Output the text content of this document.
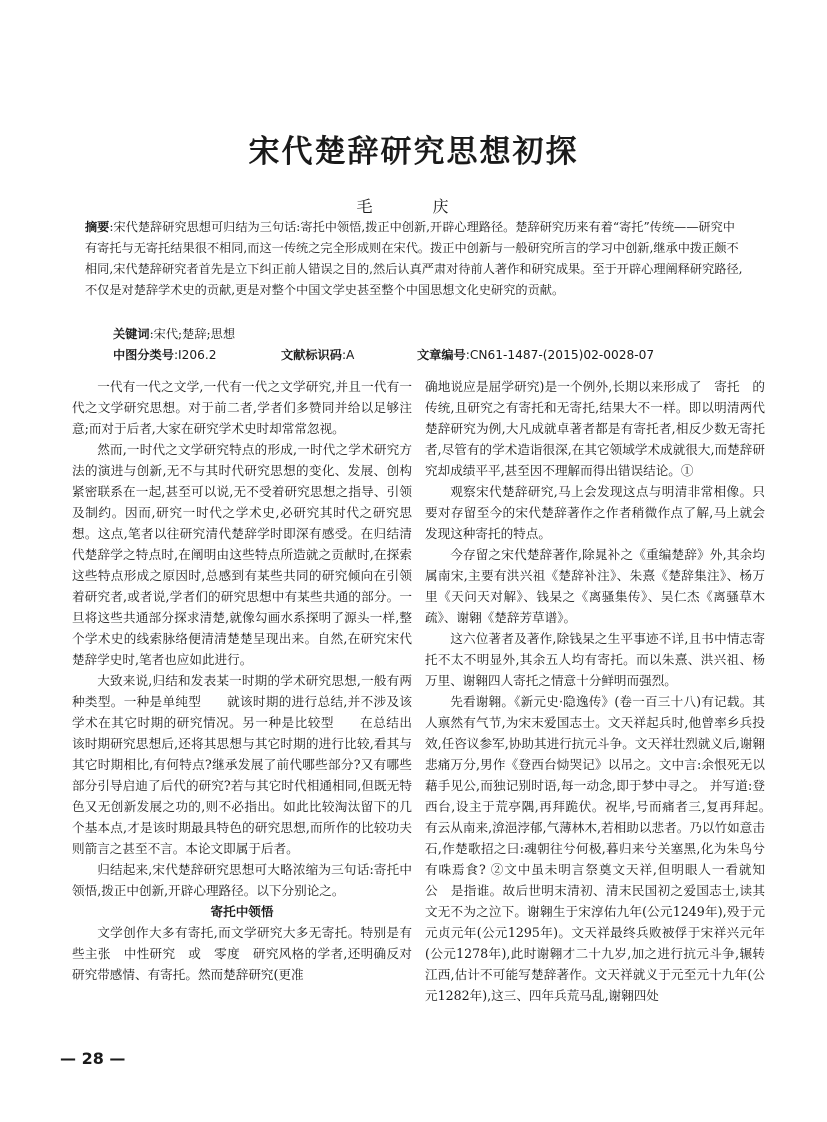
宋代楚辞研究思想初探
毛　庆
摘要:宋代楚辞研究思想可归结为三句话:寄托中领悟,拨正中创新,开辟心理路径。楚辞研究历来有着“寄托”传统——研究中有寄托与无寄托结果很不相同,而这一传统之完全形成则在宋代。拨正中创新与一般研究所言的学习中创新,继承中拨正颇不相同,宋代楚辞研究者首先是立下纠正前人错误之目的,然后认真严肃对待前人著作和研究成果。至于开辟心理阐释研究路径,不仅是对楚辞学术史的贡献,更是对整个中国文学史甚至整个中国思想文化史研究的贡献。
关键词:宋代;楚辞;思想
中图分类号:I206.2	文献标识码:A	文章编号:CN61-1487-(2015)02-0028-07

一代有一代之文学,一代有一代之文学研究,并且一代有一代之文学研究思想。对于前二者,学者们多赞同并给以足够注意;而对于后者,大家在研究学术史时却常常忽视。

然而,一时代之文学研究特点的形成,一时代之学术研究方法的演进与创新,无不与其时代研究思想的变化、发展、创构紧密联系在一起,甚至可以说,无不受着研究思想之指导、引领及制约。因而,研究一时代之学术史,必研究其时代之研究思想。这点,笔者以往研究清代楚辞学时即深有感受。在归结清代楚辞学之特点时,在阐明由这些特点所造就之贡献时,在探索这些特点形成之原因时,总感到有某些共同的研究倾向在引领着研究者,或者说,学者们的研究思想中有某些共通的部分。一旦将这些共通部分探求清楚,就像勾画水系探明了源头一样,整个学术史的线索脉络便清清楚楚呈现出来。自然,在研究宋代楚辞学史时,笔者也应如此进行。

大致来说,归结和发表某一时期的学术研究思想,一般有两种类型。一种是单纯型　　就该时期的进行总结,并不涉及该学术在其它时期的研究情况。另一种是比较型　　在总结出该时期研究思想后,还将其思想与其它时期的进行比较,看其与其它时期相比,有何特点?继承发展了前代哪些部分?又有哪些部分引导启迪了后代的研究?若与其它时代相通相同,但既无特色又无创新发展之功的,则不必指出。如此比较淘汰留下的几个基本点,才是该时期最具特色的研究思想,而所作的比较功夫则箭言之甚至不言。本论文即属于后者。

归结起来,宋代楚辞研究思想可大略浓缩为三句话:寄托中领悟,拨正中创新,开辟心理路径。以下分别论之。

寄托中领悟

文学创作大多有寄托,而文学研究大多无寄托。特别是有些主张　中性研究　或　零度　研究风格的学者,还明确反对研究带感情、有寄托。然而楚辞研究(更准

确地说应是屈学研究)是一个例外,长期以来形成了　寄托　的传统,且研究之有寄托和无寄托,结果大不一样。即以明清两代楚辞研究为例,大凡成就卓著者都是有寄托者,相反少数无寄托者,尽管有的学术造诣很深,在其它领域学术成就很大,而楚辞研究却成绩平平,甚至因不理解而得出错误结论。①

观察宋代楚辞研究,马上会发现这点与明清非常相像。只要对存留至今的宋代楚辞著作之作者稍微作点了解,马上就会发现这种寄托的特点。

今存留之宋代楚辞著作,除晁补之《重编楚辞》外,其余均属南宋,主要有洪兴祖《楚辞补注》、朱熹《楚辞集注》、杨万里《天问天对解》、钱杲之《离骚集传》、吴仁杰《离骚草木疏》、谢翱《楚辞芳草谱》。

这六位著者及著作,除钱杲之生平事迹不详,且书中情志寄托不太不明显外,其余五人均有寄托。而以朱熹、洪兴祖、杨万里、谢翱四人寄托之情意十分鲜明而强烈。

先看谢翱。《新元史·隐逸传》(卷一百三十八)有记载。其人禀然有气节,为宋末爱国志士。文天祥起兵时,他曾率乡兵投效,任咨议参军,协助其进行抗元斗争。文天祥壮烈就义后,谢翱悲痛万分,男作《登西台恸哭记》以吊之。文中言:余恨死无以藉手见公,而独记别时语,每一动念,即于梦中寻之。 并写道:登西台,设主于荒亭隅,再拜跪伏。祝毕,号而痛者三,复再拜起。　　有云从南来,渰浥浡郁,气薄林木,若相助以悲者。乃以竹如意击石,作楚歌招之曰:魂朝往兮何极,暮归来兮关塞黑,化为朱鸟兮有咮焉食? ②文中虽未明言祭奠文天祥,但明眼人一看就知　公　是指谁。故后世明末清初、清末民国初之爱国志士,读其文无不为之泣下。谢翱生于宋淳佑九年(公元1249年),殁于元元贞元年(公元1295年)。文天祥最终兵败被俘于宋祥兴元年(公元1278年),此时谢翱才二十九岁,加之进行抗元斗争,辗转江西,估计不可能写楚辞著作。文天祥就义于元至元十九年(公元1282年),这三、四年兵荒马乱,谢翱四处

— 28 —
